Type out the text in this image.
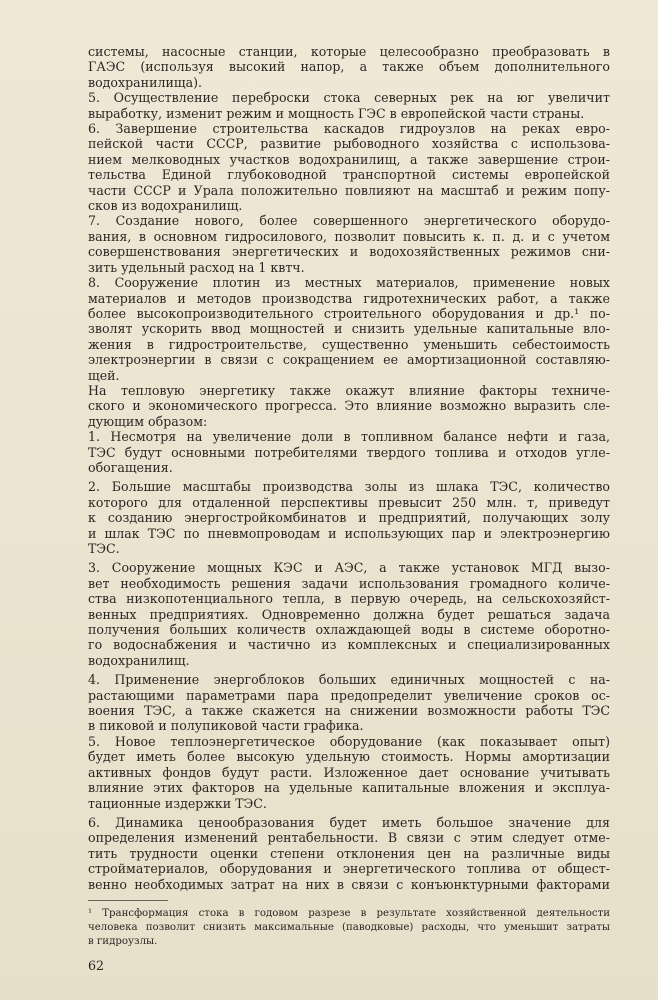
системы, насосные станции, которые целесообразно преобразовать в
ГАЭС (используя высокий напор, а также объем дополнительного
водохранилища).
5. Осуществление переброски стока северных рек на юг увеличит
выработку, изменит режим и мощность ГЭС в европейской части страны.
6. Завершение строительства каскадов гидроузлов на реках евро-
пейской части СССР, развитие рыбоводного хозяйства с использова-
нием мелководных участков водохранилищ, а также завершение строи-
тельства Единой глубоководной транспортной системы европейской
части СССР и Урала положительно повлияют на масштаб и режим попу-
сков из водохранилищ.
7. Создание нового, более совершенного энергетического оборудо-
вания, в основном гидросилового, позволит повысить к. п. д. и с учетом
совершенствования энергетических и водохозяйственных режимов сни-
зить удельный расход на 1 квтч.
8. Сооружение плотин из местных материалов, применение новых
материалов и методов производства гидротехнических работ, а также
более высокопроизводительного строительного оборудования и др.¹ по-
зволят ускорить ввод мощностей и снизить удельные капитальные вло-
жения в гидростроительстве, существенно уменьшить себестоимость
электроэнергии в связи с сокращением ее амортизационной составляю-
щей.
На тепловую энергетику также окажут влияние факторы техниче-
ского и экономического прогресса. Это влияние возможно выразить сле-
дующим образом:
1. Несмотря на увеличение доли в топливном балансе нефти и газа,
ТЭС будут основными потребителями твердого топлива и отходов угле-
обогащения.
2. Большие масштабы производства золы из шлака ТЭС, количество
которого для отдаленной перспективы превысит 250 млн. т, приведут
к созданию энергостройкомбинатов и предприятий, получающих золу
и шлак ТЭС по пневмопроводам и использующих пар и электроэнергию
ТЭС.
3. Сооружение мощных КЭС и АЭС, а также установок МГД вызо-
вет необходимость решения задачи использования громадного количе-
ства низкопотенциального тепла, в первую очередь, на сельскохозяйст-
венных предприятиях. Одновременно должна будет решаться задача
получения больших количеств охлаждающей воды в системе оборотно-
го водоснабжения и частично из комплексных и специализированных
водохранилищ.
4. Применение энергоблоков больших единичных мощностей с на-
растающими параметрами пара предопределит увеличение сроков ос-
воения ТЭС, а также скажется на снижении возможности работы ТЭС
в пиковой и полупиковой части графика.
5. Новое теплоэнергетическое оборудование (как показывает опыт)
будет иметь более высокую удельную стоимость. Нормы амортизации
активных фондов будут расти. Изложенное дает основание учитывать
влияние этих факторов на удельные капитальные вложения и эксплуа-
тационные издержки ТЭС.
6. Динамика ценообразования будет иметь большое значение для
определения изменений рентабельности. В связи с этим следует отме-
тить трудности оценки степени отклонения цен на различные виды
стройматериалов, оборудования и энергетического топлива от общест-
венно необходимых затрат на них в связи с конъюнктурными факторами
¹ Трансформация стока в годовом разрезе в результате хозяйственной деятельности
человека позволит снизить максимальные (паводковые) расходы, что уменьшит затраты
в гидроузлы.
62
